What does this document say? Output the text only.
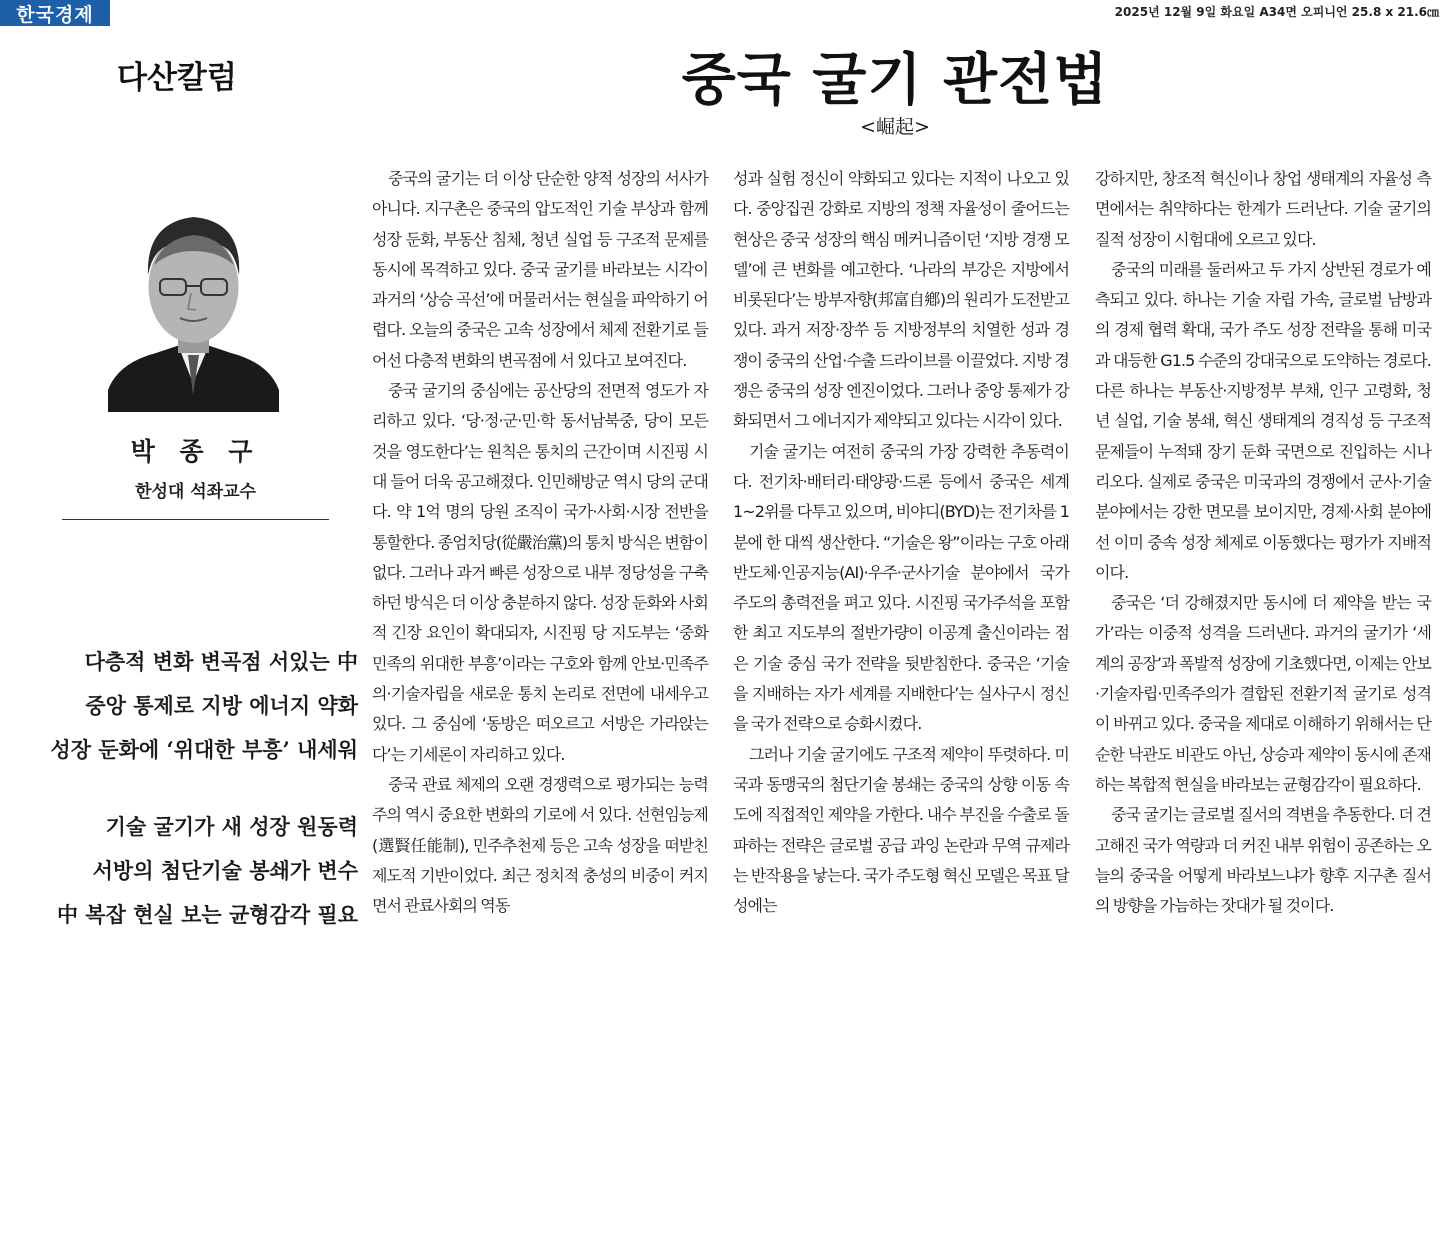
한국경제	2025년 12월 9일 화요일 A34면 오피니언 25.8 x 21.6㎝
다산칼럼	중국 굴기 관전법
<崛起>
박 종 구
한성대 석좌교수
다층적 변화 변곡점 서있는 中
중앙 통제로 지방 에너지 약화
성장 둔화에 ‘위대한 부흥’ 내세워
기술 굴기가 새 성장 원동력
서방의 첨단기술 봉쇄가 변수
中 복잡 현실 보는 균형감각 필요

중국의 굴기는 더 이상 단순한 양적 성장의 서사가 아니다. 지구촌은 중국의 압도적인 기술 부상과 함께 성장 둔화, 부동산 침체, 청년 실업 등 구조적 문제를 동시에 목격하고 있다. 중국 굴기를 바라보는 시각이 과거의 ‘상승 곡선’에 머물러서는 현실을 파악하기 어렵다. 오늘의 중국은 고속 성장에서 체제 전환기로 들어선 다층적 변화의 변곡점에 서 있다고 보여진다.

중국 굴기의 중심에는 공산당의 전면적 영도가 자리하고 있다. ‘당·정·군·민·학 동서남북중, 당이 모든 것을 영도한다’는 원칙은 통치의 근간이며 시진핑 시대 들어 더욱 공고해졌다. 인민해방군 역시 당의 군대다. 약 1억 명의 당원 조직이 국가·사회·시장 전반을 통할한다. 종엄치당(從嚴治黨)의 통치 방식은 변함이 없다. 그러나 과거 빠른 성장으로 내부 정당성을 구축하던 방식은 더 이상 충분하지 않다. 성장 둔화와 사회적 긴장 요인이 확대되자, 시진핑 당 지도부는 ‘중화민족의 위대한 부흥’이라는 구호와 함께 안보·민족주의·기술자립을 새로운 통치 논리로 전면에 내세우고 있다. 그 중심에 ‘동방은 떠오르고 서방은 가라앉는다’는 기세론이 자리하고 있다.

중국 관료 체제의 오랜 경쟁력으로 평가되는 능력주의 역시 중요한 변화의 기로에 서 있다. 선현임능제(選賢任能制), 민주추천제 등은 고속 성장을 떠받친 제도적 기반이었다. 최근 정치적 충성의 비중이 커지면서 관료사회의 역동

성과 실험 정신이 약화되고 있다는 지적이 나오고 있다. 중앙집권 강화로 지방의 정책 자율성이 줄어드는 현상은 중국 성장의 핵심 메커니즘이던 ‘지방 경쟁 모델’에 큰 변화를 예고한다. ‘나라의 부강은 지방에서 비롯된다’는 방부자향(邦富自鄕)의 원리가 도전받고 있다. 과거 저장·장쑤 등 지방정부의 치열한 성과 경쟁이 중국의 산업·수출 드라이브를 이끌었다. 지방 경쟁은 중국의 성장 엔진이었다. 그러나 중앙 통제가 강화되면서 그 에너지가 제약되고 있다는 시각이 있다.

기술 굴기는 여전히 중국의 가장 강력한 추동력이다. 전기차·배터리·태양광·드론 등에서 중국은 세계 1~2위를 다투고 있으며, 비야디(BYD)는 전기차를 1분에 한 대씩 생산한다. “기술은 왕”이라는 구호 아래 반도체·인공지능(AI)·우주·군사기술 분야에서 국가 주도의 총력전을 펴고 있다. 시진핑 국가주석을 포함한 최고 지도부의 절반가량이 이공계 출신이라는 점은 기술 중심 국가 전략을 뒷받침한다. 중국은 ‘기술을 지배하는 자가 세계를 지배한다’는 실사구시 정신을 국가 전략으로 승화시켰다.

그러나 기술 굴기에도 구조적 제약이 뚜렷하다. 미국과 동맹국의 첨단기술 봉쇄는 중국의 상향 이동 속도에 직접적인 제약을 가한다. 내수 부진을 수출로 돌파하는 전략은 글로벌 공급 과잉 논란과 무역 규제라는 반작용을 낳는다. 국가 주도형 혁신 모델은 목표 달성에는

강하지만, 창조적 혁신이나 창업 생태계의 자율성 측면에서는 취약하다는 한계가 드러난다. 기술 굴기의 질적 성장이 시험대에 오르고 있다.

중국의 미래를 둘러싸고 두 가지 상반된 경로가 예측되고 있다. 하나는 기술 자립 가속, 글로벌 남방과의 경제 협력 확대, 국가 주도 성장 전략을 통해 미국과 대등한 G1.5 수준의 강대국으로 도약하는 경로다. 다른 하나는 부동산·지방정부 부채, 인구 고령화, 청년 실업, 기술 봉쇄, 혁신 생태계의 경직성 등 구조적 문제들이 누적돼 장기 둔화 국면으로 진입하는 시나리오다. 실제로 중국은 미국과의 경쟁에서 군사·기술 분야에서는 강한 면모를 보이지만, 경제·사회 분야에선 이미 중속 성장 체제로 이동했다는 평가가 지배적이다.

중국은 ‘더 강해졌지만 동시에 더 제약을 받는 국가’라는 이중적 성격을 드러낸다. 과거의 굴기가 ‘세계의 공장’과 폭발적 성장에 기초했다면, 이제는 안보·기술자립·민족주의가 결합된 전환기적 굴기로 성격이 바뀌고 있다. 중국을 제대로 이해하기 위해서는 단순한 낙관도 비관도 아닌, 상승과 제약이 동시에 존재하는 복합적 현실을 바라보는 균형감각이 필요하다.

중국 굴기는 글로벌 질서의 격변을 추동한다. 더 견고해진 국가 역량과 더 커진 내부 위험이 공존하는 오늘의 중국을 어떻게 바라보느냐가 향후 지구촌 질서의 방향을 가늠하는 잣대가 될 것이다.
